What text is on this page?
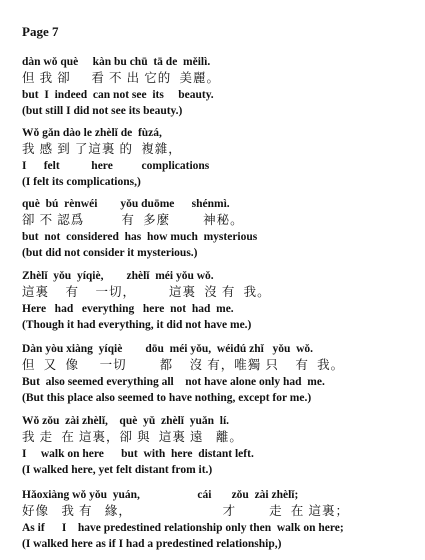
Page 7
dàn wǒ què     kàn bu chū  tā de  měilì.
但 我 卻     看 不 出 它的  美麗。
but  I  indeed  can not see  its     beauty.
(but still I did not see its beauty.)
Wǒ gǎn dào le zhèlǐ de  fùzá,
我 感 到 了這裏 的  複雜，
I      felt           here          complications
(I felt its complications,)
què  bú  rènwéi        yǒu duōme      shénmì.
卻 不 認爲         有  多麼        神秘。
but  not  considered  has  how much  mysterious
(but did not consider it mysterious.)
Zhèlǐ  yǒu  yíqiè,        zhèlǐ  méi yǒu wǒ.
這裏    有    一切，        這裏  沒 有  我。
Here   had   everything   here  not  had  me.
(Though it had everything, it did not have me.)
Dàn yòu xiàng  yíqiè        dōu  méi yǒu,  wéidú zhǐ   yǒu  wǒ.
但  又  像     一切        都    沒 有，唯獨 只    有  我。
But  also seemed everything all    not have alone only had  me.
(But this place also seemed to have nothing, except for me.)
Wǒ zǒu  zài zhèlǐ,    què  yǔ  zhèlǐ  yuǎn  lí.
我 走  在 這裏，卻 與  這裏 遠   離。
I     walk on here      but  with  here  distant left.
(I walked here, yet felt distant from it.)
Hǎoxiàng wǒ yǒu  yuán,                    cái       zǒu  zài zhèlǐ;
好像   我 有   緣，                      才        走  在 這裏；
As if      I    have predestined relationship only then  walk on here;
(I walked here as if I had a predestined relationship,)
